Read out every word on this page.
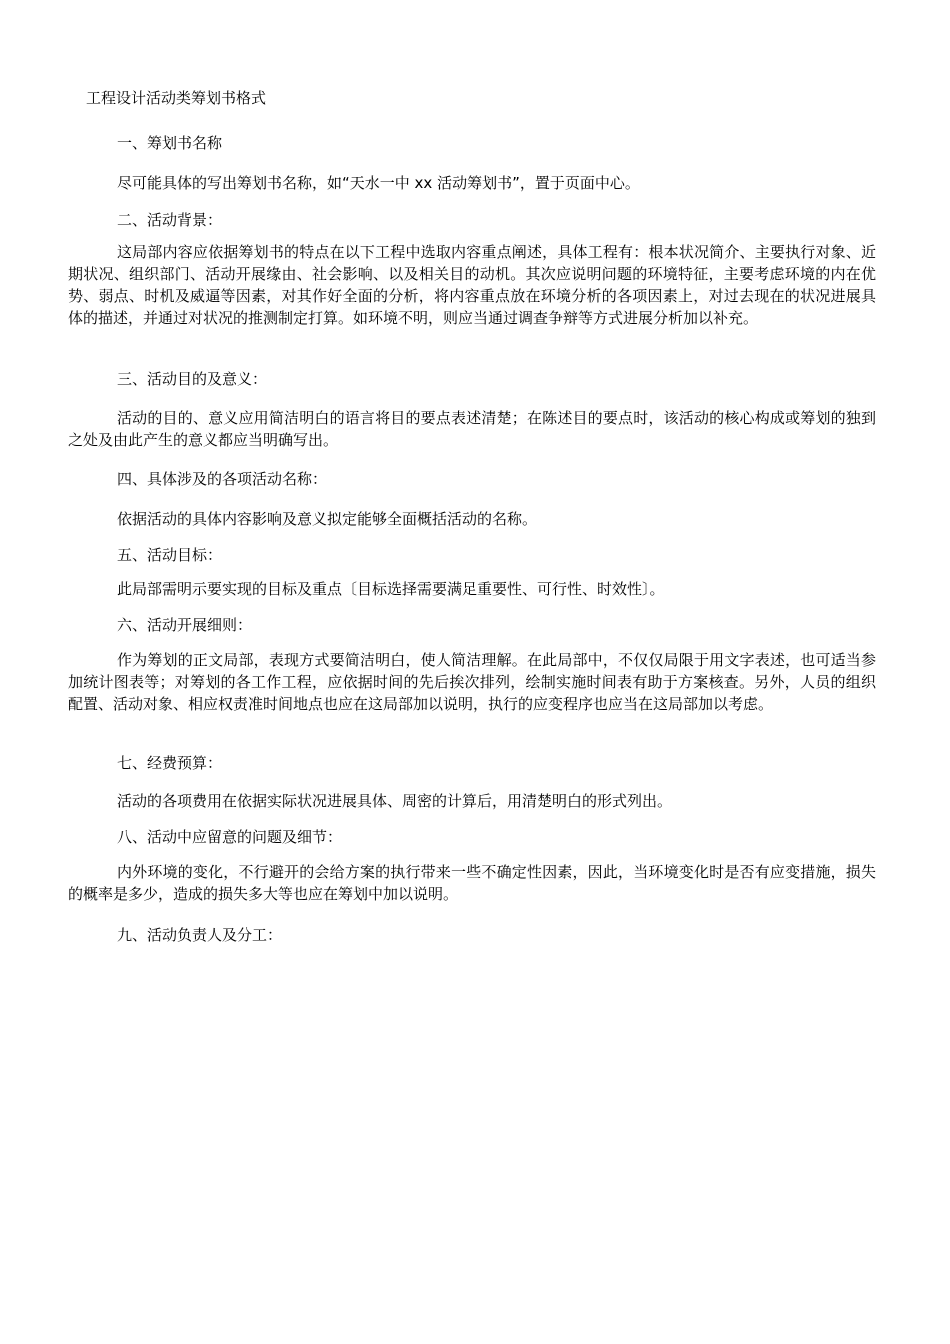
工程设计活动类筹划书格式

一、筹划书名称

尽可能具体的写出筹划书名称，如“天水一中 xx 活动筹划书”，置于页面中心。

二、活动背景：

这局部内容应依据筹划书的特点在以下工程中选取内容重点阐述，具体工程有：根本状况简介、主要执行对象、近期状况、组织部门、活动开展缘由、社会影响、以及相关目的动机。其次应说明问题的环境特征，主要考虑环境的内在优势、弱点、时机及威逼等因素，对其作好全面的分析，将内容重点放在环境分析的各项因素上，对过去现在的状况进展具体的描述，并通过对状况的推测制定打算。如环境不明，则应当通过调查争辩等方式进展分析加以补充。

三、活动目的及意义：

活动的目的、意义应用简洁明白的语言将目的要点表述清楚；在陈述目的要点时，该活动的核心构成或筹划的独到之处及由此产生的意义都应当明确写出。

四、具体涉及的各项活动名称：

依据活动的具体内容影响及意义拟定能够全面概括活动的名称。

五、活动目标：

此局部需明示要实现的目标及重点〔目标选择需要满足重要性、可行性、时效性〕。

六、活动开展细则：

作为筹划的正文局部，表现方式要简洁明白，使人简洁理解。在此局部中，不仅仅局限于用文字表述，也可适当参加统计图表等；对筹划的各工作工程，应依据时间的先后挨次排列，绘制实施时间表有助于方案核查。另外，人员的组织配置、活动对象、相应权责准时间地点也应在这局部加以说明，执行的应变程序也应当在这局部加以考虑。

七、经费预算：

活动的各项费用在依据实际状况进展具体、周密的计算后，用清楚明白的形式列出。

八、活动中应留意的问题及细节：

内外环境的变化，不行避开的会给方案的执行带来一些不确定性因素，因此，当环境变化时是否有应变措施，损失的概率是多少，造成的损失多大等也应在筹划中加以说明。

九、活动负责人及分工：
